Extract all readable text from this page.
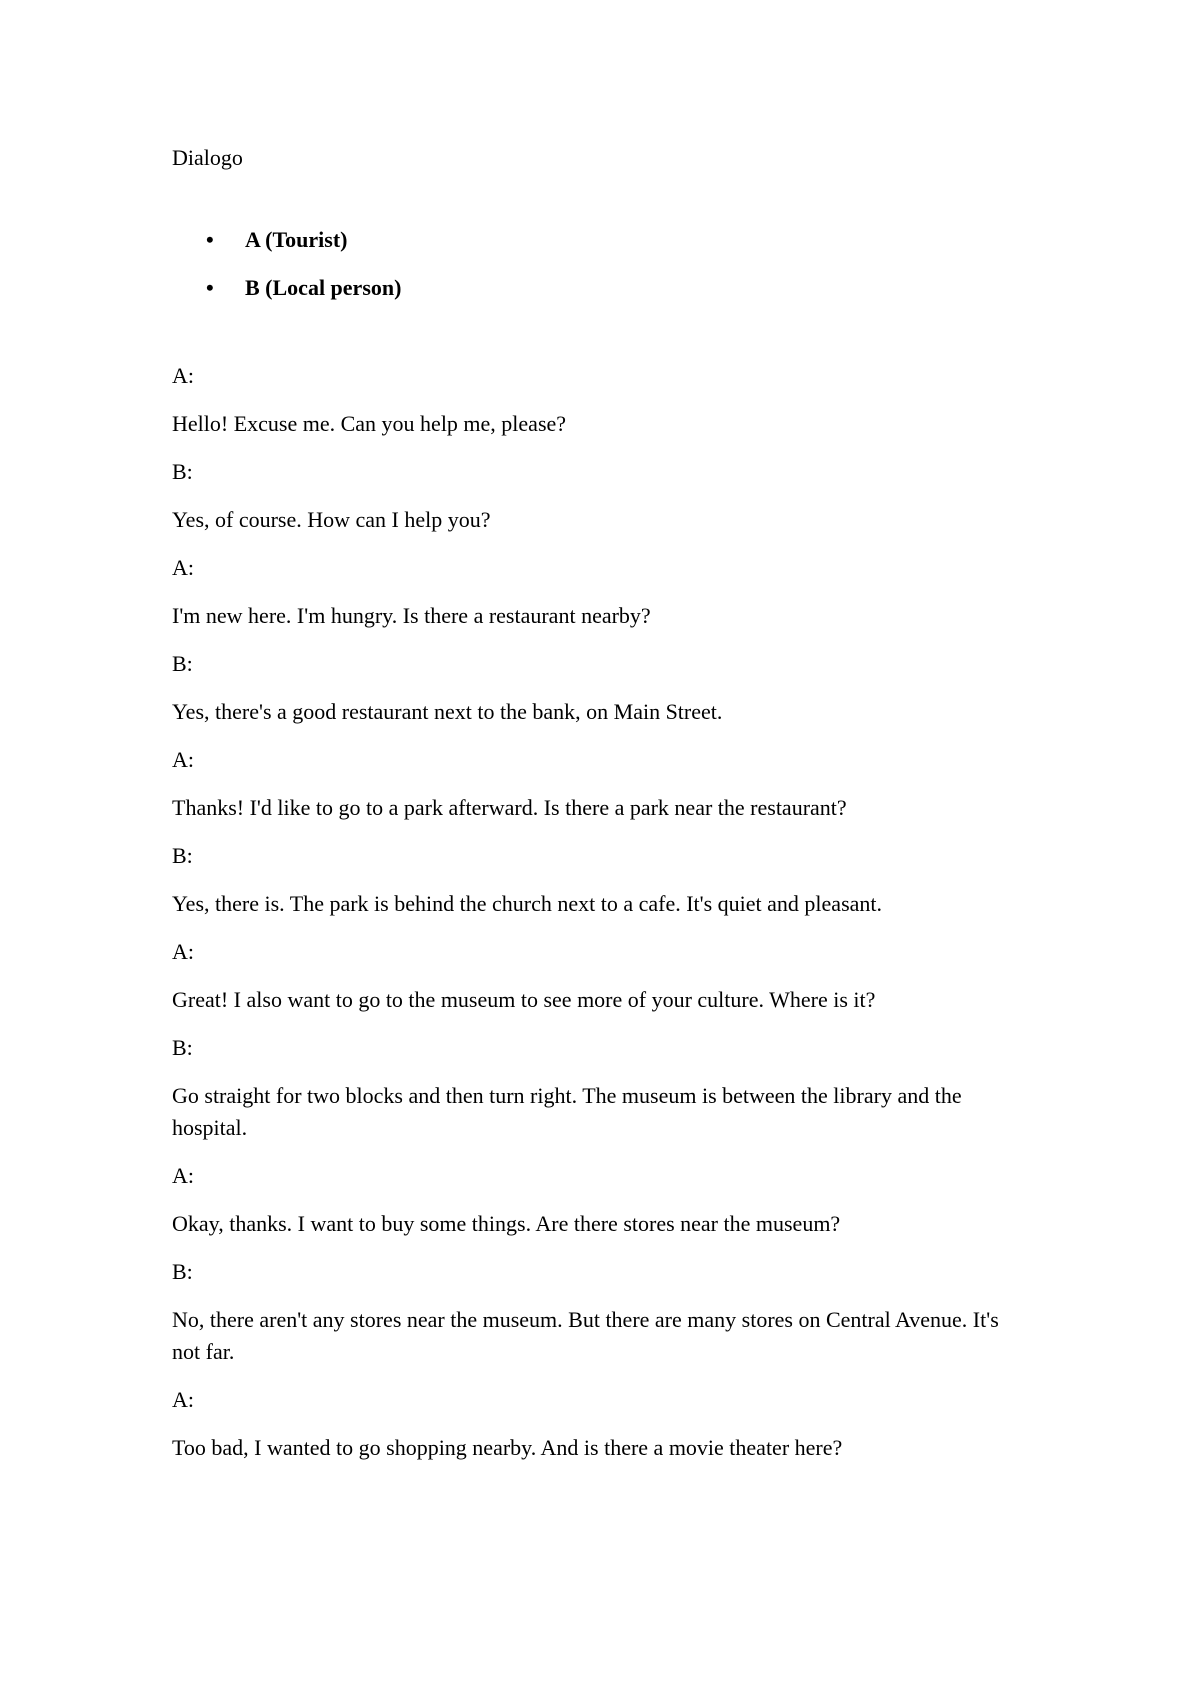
Dialogo

• A (Tourist)
• B (Local person)

A:

Hello! Excuse me. Can you help me, please?

B:

Yes, of course. How can I help you?

A:

I'm new here. I'm hungry. Is there a restaurant nearby?

B:

Yes, there's a good restaurant next to the bank, on Main Street.

A:

Thanks! I'd like to go to a park afterward. Is there a park near the restaurant?

B:

Yes, there is. The park is behind the church next to a cafe. It's quiet and pleasant.

A:

Great! I also want to go to the museum to see more of your culture. Where is it?

B:

Go straight for two blocks and then turn right. The museum is between the library and the hospital.

A:

Okay, thanks. I want to buy some things. Are there stores near the museum?

B:

No, there aren't any stores near the museum. But there are many stores on Central Avenue. It's not far.

A:

Too bad, I wanted to go shopping nearby. And is there a movie theater here?
